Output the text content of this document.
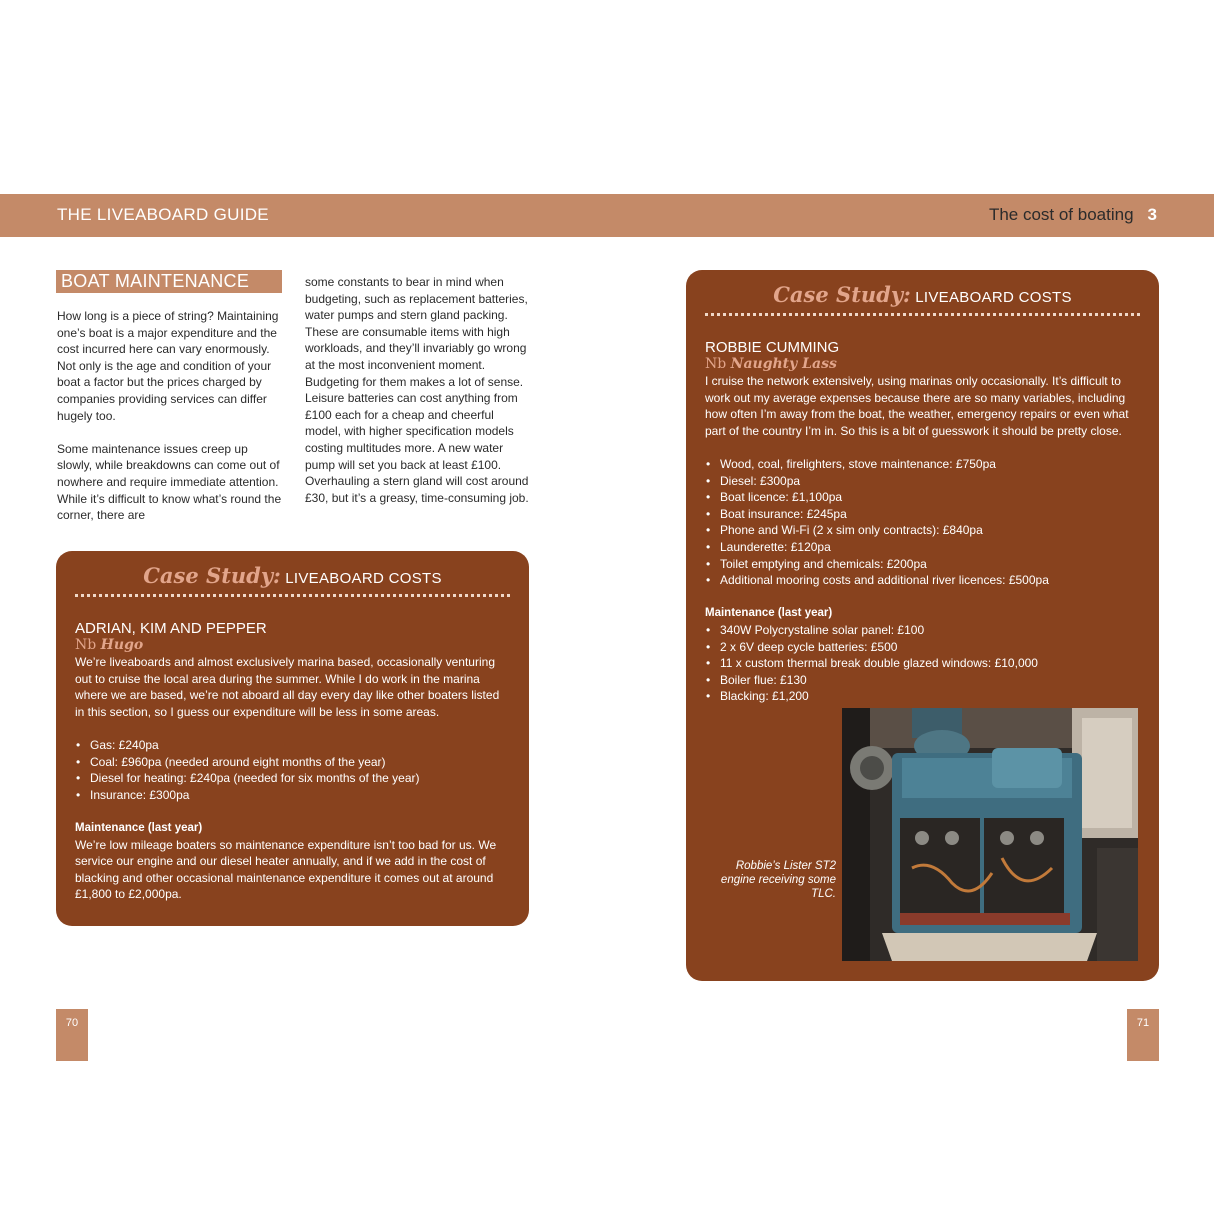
THE LIVEABOARD GUIDE	The cost of boating 3
BOAT MAINTENANCE

How long is a piece of string? Maintaining one’s boat is a major expenditure and the cost incurred here can vary enormously. Not only is the age and condition of your boat a factor but the prices charged by companies providing services can differ hugely too.

Some maintenance issues creep up slowly, while breakdowns can come out of nowhere and require immediate attention. While it’s difficult to know what’s round the corner, there are

some constants to bear in mind when budgeting, such as replacement batteries, water pumps and stern gland packing. These are consumable items with high workloads, and they’ll invariably go wrong at the most inconvenient moment. Budgeting for them makes a lot of sense. Leisure batteries can cost anything from £100 each for a cheap and cheerful model, with higher specification models costing multitudes more. A new water pump will set you back at least £100. Overhauling a stern gland will cost around £30, but it’s a greasy, time-consuming job.

Case Study: LIVEABOARD COSTS
ADRIAN, KIM AND PEPPER
Nb Hugo

We’re liveaboards and almost exclusively marina based, occasionally venturing out to cruise the local area during the summer. While I do work in the marina where we are based, we’re not aboard all day every day like other boaters listed in this section, so I guess our expenditure will be less in some areas.

• Gas: £240pa
• Coal: £960pa (needed around eight months of the year)
• Diesel for heating: £240pa (needed for six months of the year)
• Insurance: £300pa
Maintenance (last year)

We’re low mileage boaters so maintenance expenditure isn’t too bad for us. We service our engine and our diesel heater annually, and if we add in the cost of blacking and other occasional maintenance expenditure it comes out at around £1,800 to £2,000pa.

Case Study: LIVEABOARD COSTS
ROBBIE CUMMING
Nb Naughty Lass

I cruise the network extensively, using marinas only occasionally. It’s difficult to work out my average expenses because there are so many variables, including how often I’m away from the boat, the weather, emergency repairs or even what part of the country I’m in. So this is a bit of guesswork it should be pretty close.

• Wood, coal, firelighters, stove maintenance: £750pa
• Diesel: £300pa
• Boat licence: £1,100pa
• Boat insurance: £245pa
• Phone and Wi-Fi (2 x sim only contracts): £840pa
• Launderette: £120pa
• Toilet emptying and chemicals: £200pa
• Additional mooring costs and additional river licences: £500pa
Maintenance (last year)
• 340W Polycrystaline solar panel: £100
• 2 x 6V deep cycle batteries: £500
• 11 x custom thermal break double glazed windows: £10,000
• Boiler flue: £130
• Blacking: £1,200
Robbie’s Lister ST2 engine receiving some TLC.
70	71
